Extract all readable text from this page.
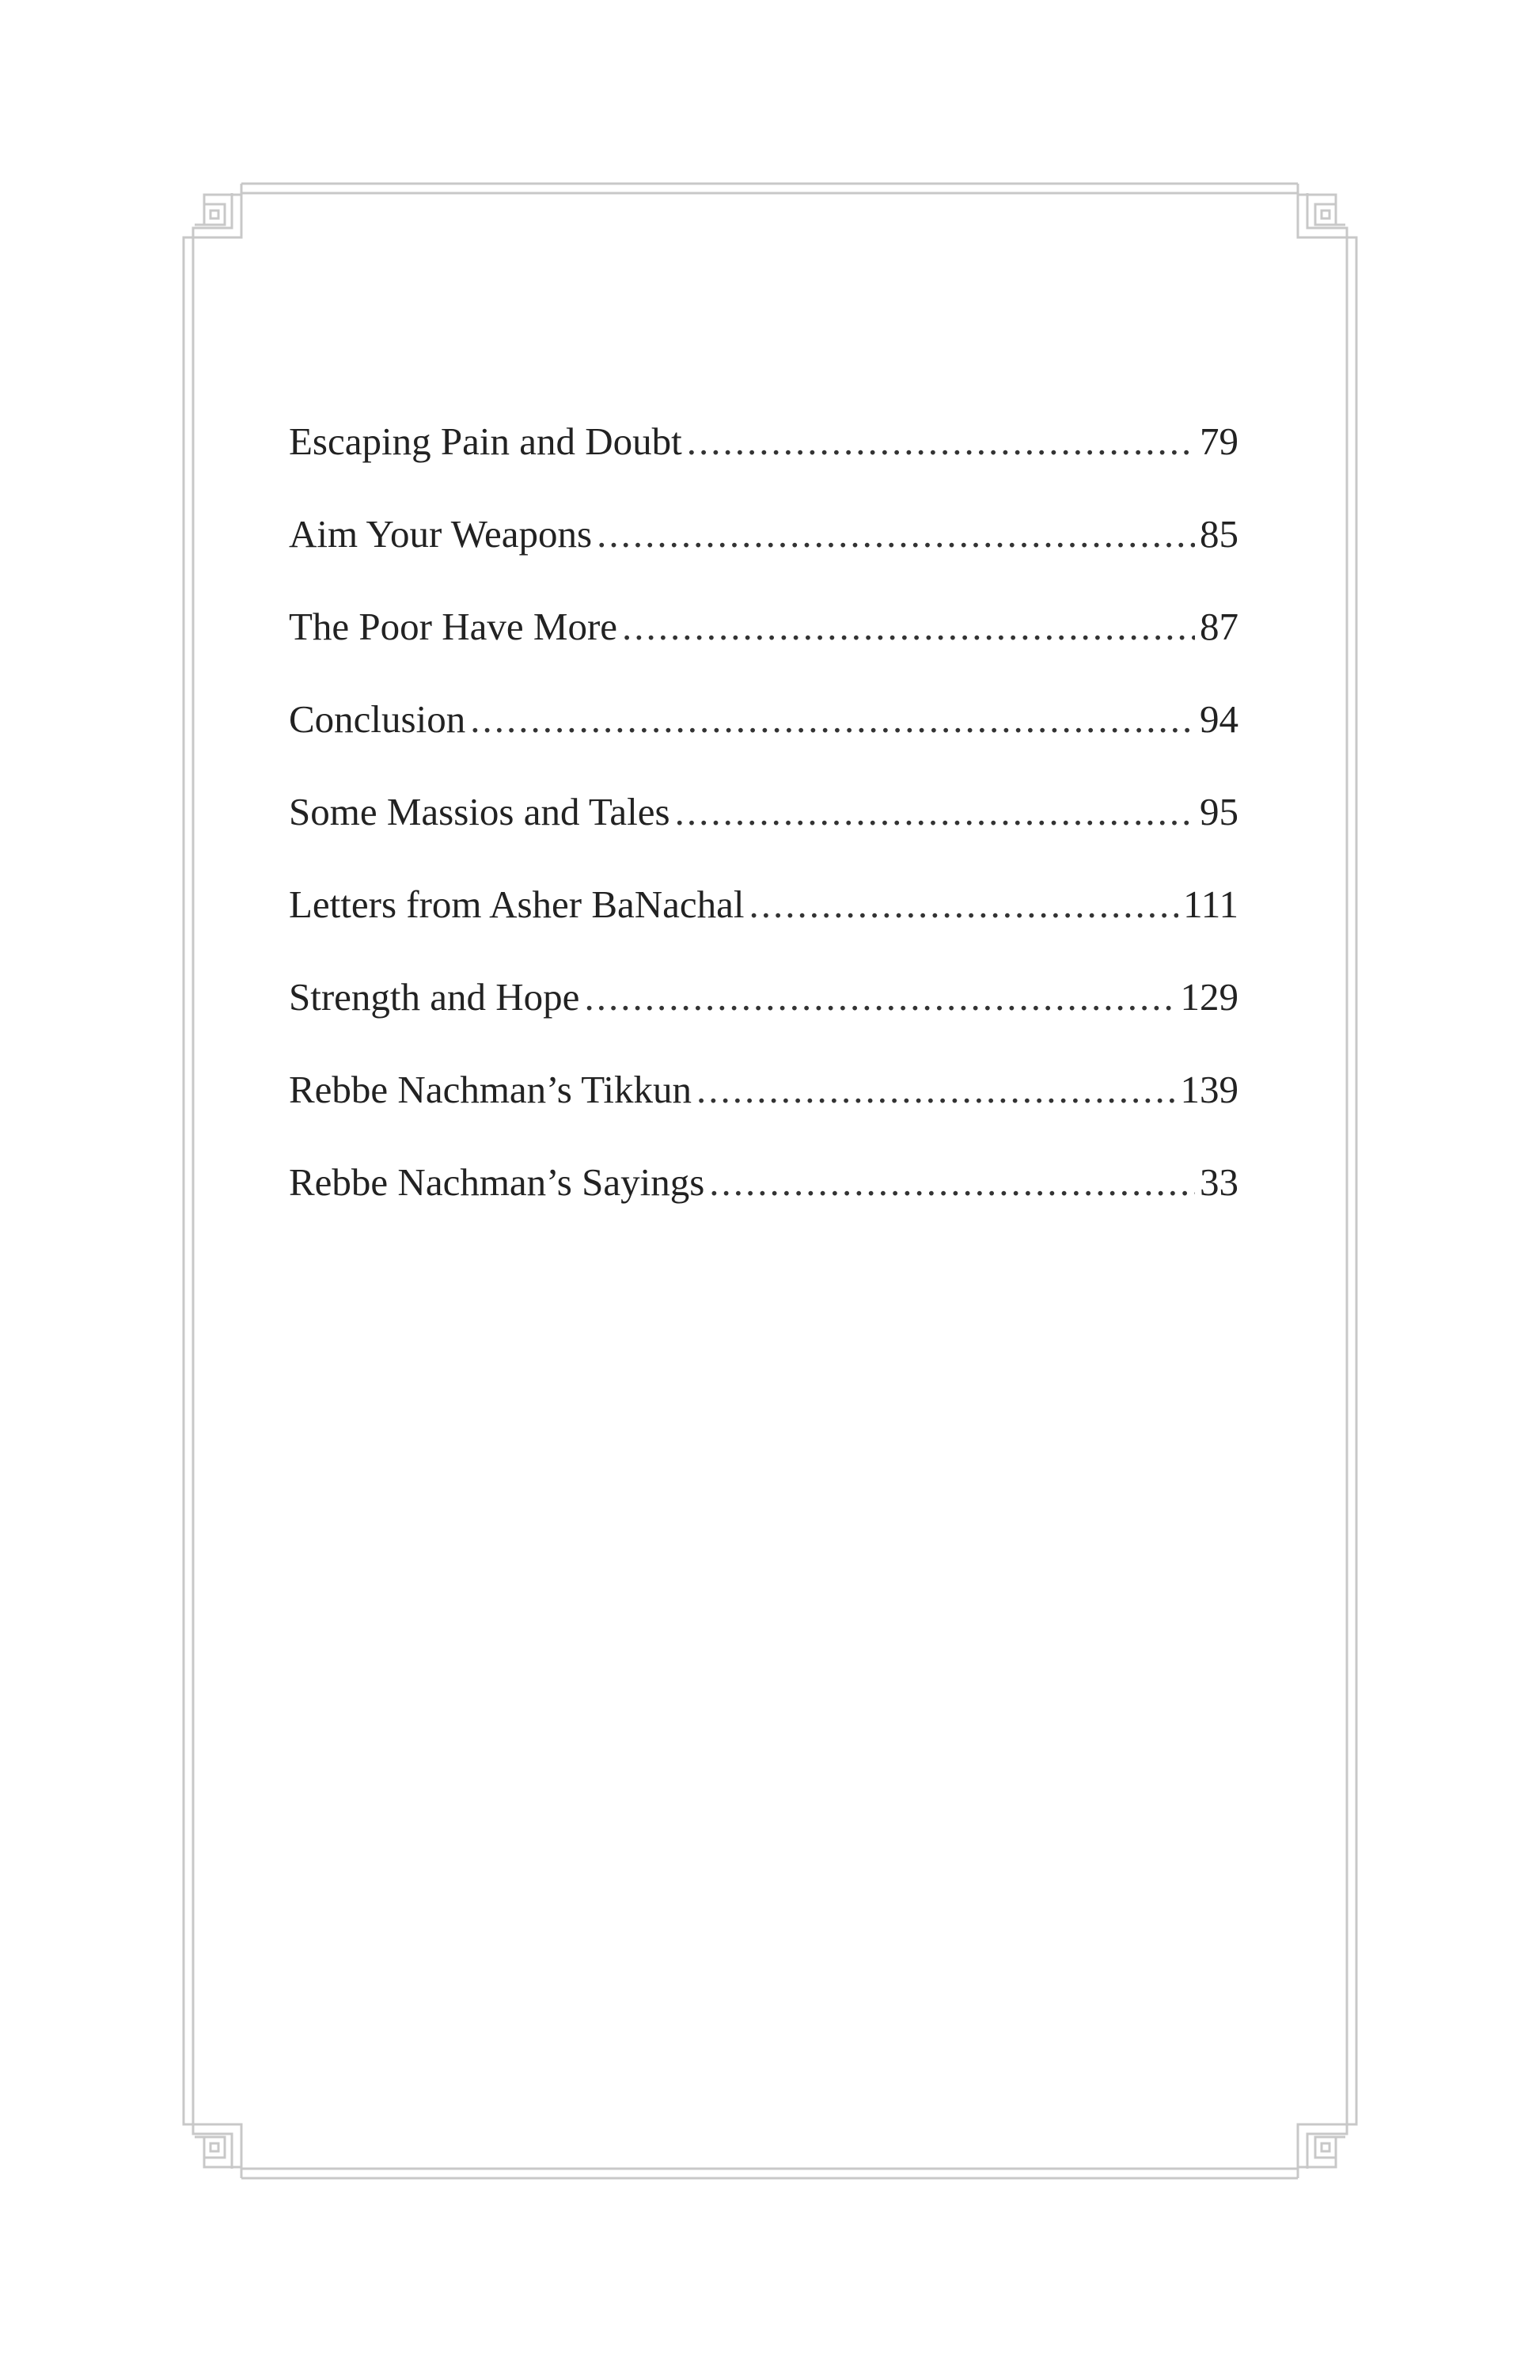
Escaping Pain and Doubt .....	79
Aim Your Weapons .....	85
The Poor Have More .....	87
Conclusion .....	94
Some Massios and Tales .....	95
Letters from Asher BaNachal .....	111
Strength and Hope .....	129
Rebbe Nachman’s Tikkun .....	139
Rebbe Nachman’s Sayings .....	33
